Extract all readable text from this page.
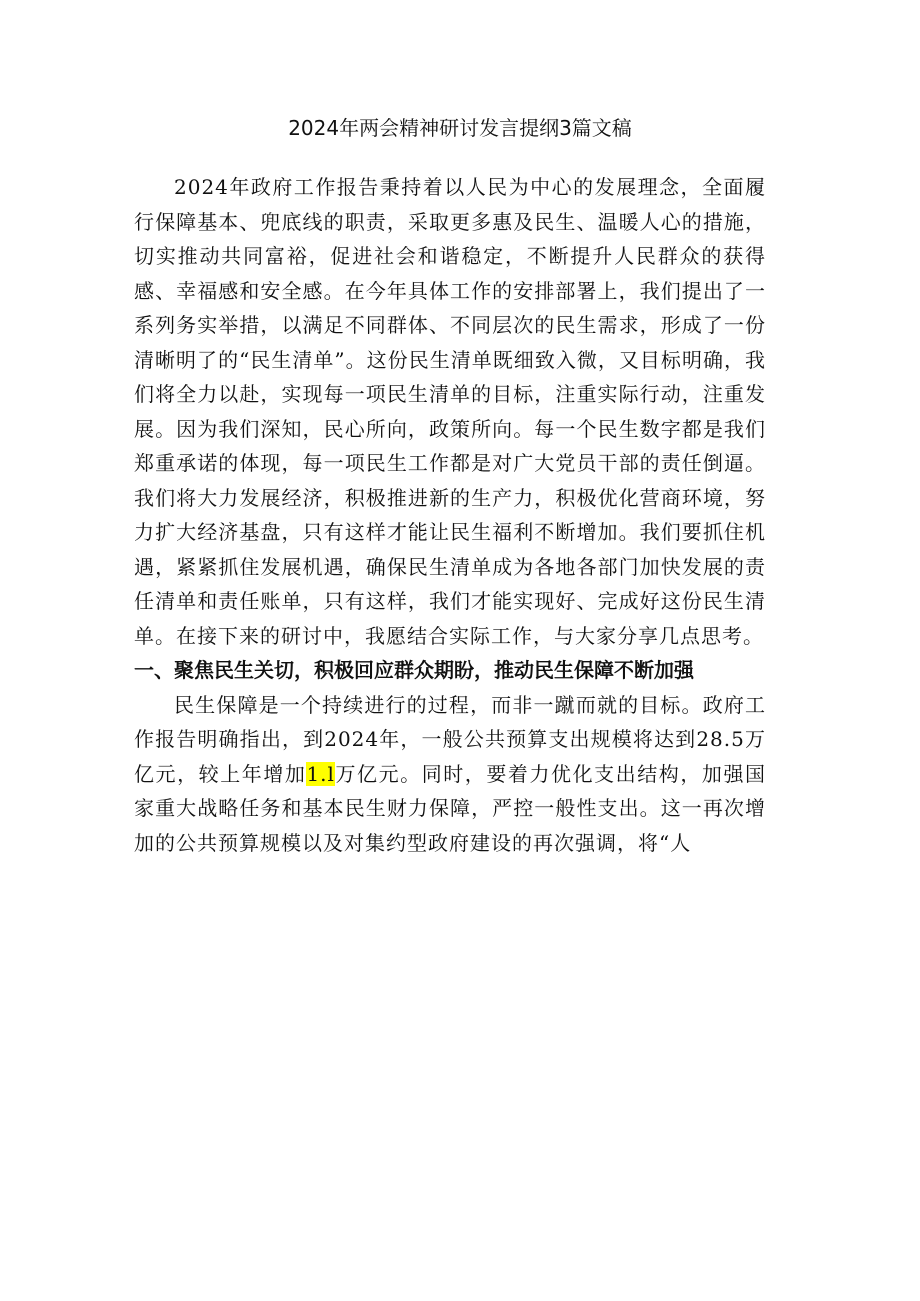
2024年两会精神研讨发言提纲3篇文稿

2024年政府工作报告秉持着以人民为中心的发展理念，全面履行保障基本、兜底线的职责，采取更多惠及民生、温暖人心的措施，切实推动共同富裕，促进社会和谐稳定，不断提升人民群众的获得感、幸福感和安全感。在今年具体工作的安排部署上，我们提出了一系列务实举措，以满足不同群体、不同层次的民生需求，形成了一份清晰明了的“民生清单”。这份民生清单既细致入微，又目标明确，我们将全力以赴，实现每一项民生清单的目标，注重实际行动，注重发展。因为我们深知，民心所向，政策所向。每一个民生数字都是我们郑重承诺的体现，每一项民生工作都是对广大党员干部的责任倒逼。我们将大力发展经济，积极推进新的生产力，积极优化营商环境，努力扩大经济基盘，只有这样才能让民生福利不断增加。我们要抓住机遇，紧紧抓住发展机遇，确保民生清单成为各地各部门加快发展的责任清单和责任账单，只有这样，我们才能实现好、完成好这份民生清单。在接下来的研讨中，我愿结合实际工作，与大家分享几点思考。

一、聚焦民生关切，积极回应群众期盼，推动民生保障不断加强

民生保障是一个持续进行的过程，而非一蹴而就的目标。政府工作报告明确指出，到2024年，一般公共预算支出规模将达到28.5万亿元，较上年增加1.l万亿元。同时，要着力优化支出结构，加强国家重大战略任务和基本民生财力保障，严控一般性支出。这一再次增加的公共预算规模以及对集约型政府建设的再次强调，将“人
